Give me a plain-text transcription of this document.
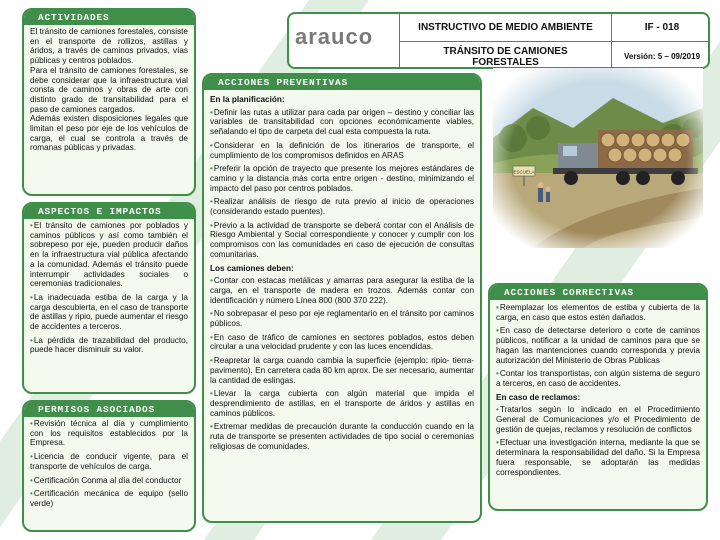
arauco	INSTRUCTIVO DE MEDIO AMBIENTE	IF - 018
TRÁNSITO DE CAMIONES FORESTALES	Versión: 5 – 09/2019
ACTIVIDADES
El tránsito de camiones forestales, consiste en el transporte de rollizos, astillas y áridos, a través de caminos privados, vías públicas y centros poblados.
Para el tránsito de camiones forestales, se debe considerar que la infraestructura vial consta de caminos y obras de arte con distinto grado de transitabilidad para el paso de camiones cargados.
Además existen disposiciones legales que limitan el peso por eje de los vehículos de carga, el cual se controla a través de romanas públicas y privadas.
ASPECTOS E IMPACTOS
• El tránsito de camiones por poblados y caminos públicos y así como también el sobrepeso por eje, pueden producir daños en la infraestructura vial pública afectando a la comunidad. Además el tránsito puede interrumpir actividades sociales o ceremonias tradicionales.
• La inadecuada estiba de la carga y la carga descubierta, en el caso de transporte de astillas y ripio, puede aumentar el riesgo de accidentes a terceros.
• La pérdida de trazabilidad del producto, puede hacer disminuir su valor.
PERMISOS ASOCIADOS
• Revisión técnica al día y cumplimiento con los requisitos establecidos por la Empresa.
• Licencia de conducir vigente, para el transporte de vehículos de carga.
• Certificación Conma al día del conductor
• Certificación mecánica de equipo (sello verde)
ACCIONES PREVENTIVAS
En la planificación:
• Definir las rutas a utilizar para cada par origen – destino y conciliar las variables de transitabilidad con opciones económicamente viables, señalando el tipo de carpeta del cual esta compuesta la ruta.
• Considerar en la definición de los itinerarios de transporte, el cumplimiento de los compromisos definidos en ARAS
• Preferir la opción de trayecto que presente los mejores estándares de camino y la distancia más corta entre origen - destino, minimizando el impacto del paso por centros poblados.
• Realizar análisis de riesgo de ruta previo al inicio de operaciones (considerando estado puentes).
• Previo a la actividad de transporte se deberá contar con el Análisis de Riesgo Ambiental y Social correspondiente y conocer y cumplir con los compromisos con las comunidades en caso de ejecución de consultas comunitarias.
Los camiones deben:
• Contar con estacas metálicas y amarras para asegurar la estiba de la carga, en el transporte de madera en trozos. Además contar con identificación y número Línea 800 (800 370 222).
• No sobrepasar el peso por eje reglamentario en el tránsito por caminos públicos.
• En caso de tráfico de camiones en sectores poblados, estos deben circular a una velocidad prudente y con las luces encendidas.
• Reapretar la carga cuando cambia la superficie (ejemplo: ripio- tierra- pavimento). En carretera cada 80 km aprox. De ser necesario, aumentar la cantidad de eslingas.
• Llevar la carga cubierta con algún material que impida el desprendimiento de astillas, en el transporte de áridos y astillas en caminos públicos.
• Extremar medidas de precaución durante la conducción cuando en la ruta de transporte se presenten actividades de tipo social o ceremonias religiosas de comunidades.
ACCIONES CORRECTIVAS
• Reemplazar los elementos de estiba y cubierta de la carga, en caso que estos estén dañados.
• En caso de detectarse deterioro o corte de caminos públicos, notificar a la unidad de caminos para que se hagan las mantenciones cuando corresponda y previa autorización del Ministerio de Obras Públicas
• Contar los transportistas, con algún sistema de seguro a terceros, en caso de accidentes.
En caso de reclamos:
• Tratarlos según lo indicado en el Procedimiento General de Comunicaciones y/o el Procedimiento de gestión de quejas, reclamos y resolución de conflictos
• Efectuar una investigación interna, mediante la que se determinara la responsabilidad del daño. Si la Empresa fuera responsable, se adoptarán las medidas correspondientes.
